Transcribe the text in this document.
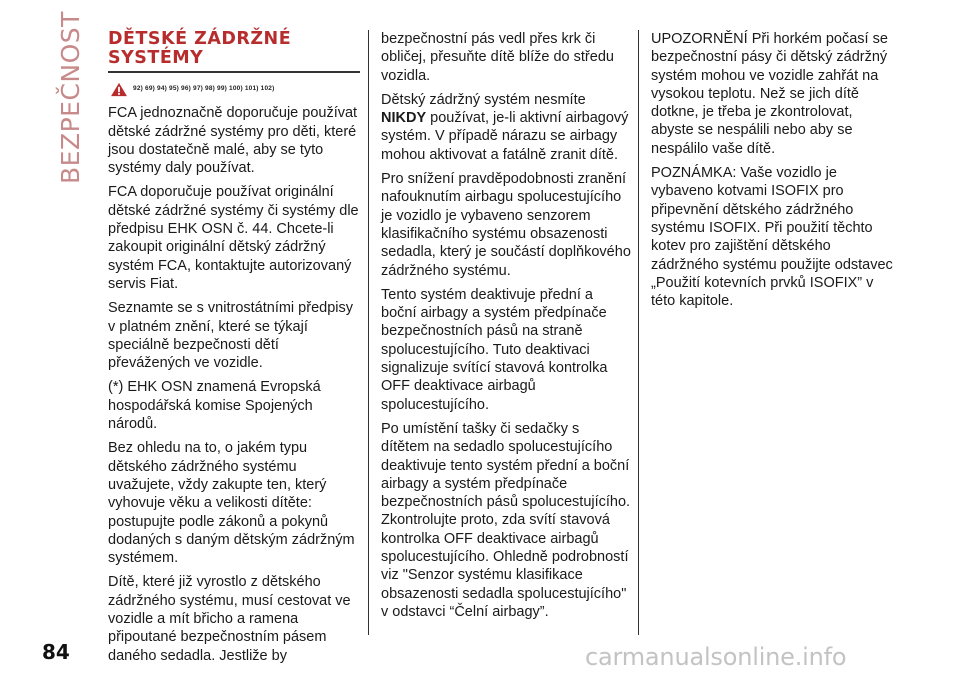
BEZPEČNOST DĚTSKÉ ZÁDRŽNÉ
SYSTÉMY
92) 69) 94) 95) 96) 97) 98) 99) 100) 101) 102)

FCA jednoznačně doporučuje používat dětské zádržné systémy pro děti, které jsou dostatečně malé, aby se tyto systémy daly používat.

FCA doporučuje používat originální dětské zádržné systémy či systémy dle předpisu EHK OSN č. 44. Chcete-li zakoupit originální dětský zádržný systém FCA, kontaktujte autorizovaný servis Fiat.

Seznamte se s vnitrostátními předpisy v platném znění, které se týkají speciálně bezpečnosti dětí převážených ve vozidle.

(*) EHK OSN znamená Evropská hospodářská komise Spojených národů.

Bez ohledu na to, o jakém typu dětského zádržného systému uvažujete, vždy zakupte ten, který vyhovuje věku a velikosti dítěte: postupujte podle zákonů a pokynů dodaných s daným dětským zádržným systémem.

Dítě, které již vyrostlo z dětského zádržného systému, musí cestovat ve vozidle a mít břicho a ramena připoutané bezpečnostním pásem daného sedadla. Jestliže by

bezpečnostní pás vedl přes krk či obličej, přesuňte dítě blíže do středu vozidla.

Dětský zádržný systém nesmíte NIKDY používat, je-li aktivní airbagový systém. V případě nárazu se airbagy mohou aktivovat a fatálně zranit dítě.

Pro snížení pravděpodobnosti zranění nafouknutím airbagu spolucestujícího je vozidlo je vybaveno senzorem klasifikačního systému obsazenosti sedadla, který je součástí doplňkového zádržného systému.

Tento systém deaktivuje přední a boční airbagy a systém předpínače bezpečnostních pásů na straně spolucestujícího. Tuto deaktivaci signalizuje svítící stavová kontrolka OFF deaktivace airbagů spolucestujícího.

Po umístění tašky či sedačky s dítětem na sedadlo spolucestujícího deaktivuje tento systém přední a boční airbagy a systém předpínače bezpečnostních pásů spolucestujícího. Zkontrolujte proto, zda svítí stavová kontrolka OFF deaktivace airbagů spolucestujícího. Ohledně podrobností viz "Senzor systému klasifikace obsazenosti sedadla spolucestujícího" v odstavci “Čelní airbagy”.

UPOZORNĚNÍ Při horkém počasí se bezpečnostní pásy či dětský zádržný systém mohou ve vozidle zahřát na vysokou teplotu. Než se jich dítě dotkne, je třeba je zkontrolovat, abyste se nespálili nebo aby se nespálilo vaše dítě.

POZNÁMKA: Vaše vozidlo je vybaveno kotvami ISOFIX pro připevnění dětského zádržného systému ISOFIX. Při použití těchto kotev pro zajištění dětského zádržného systému použijte odstavec „Použití kotevních prvků ISOFIX” v této kapitole.

84	carmanualsonline.info
